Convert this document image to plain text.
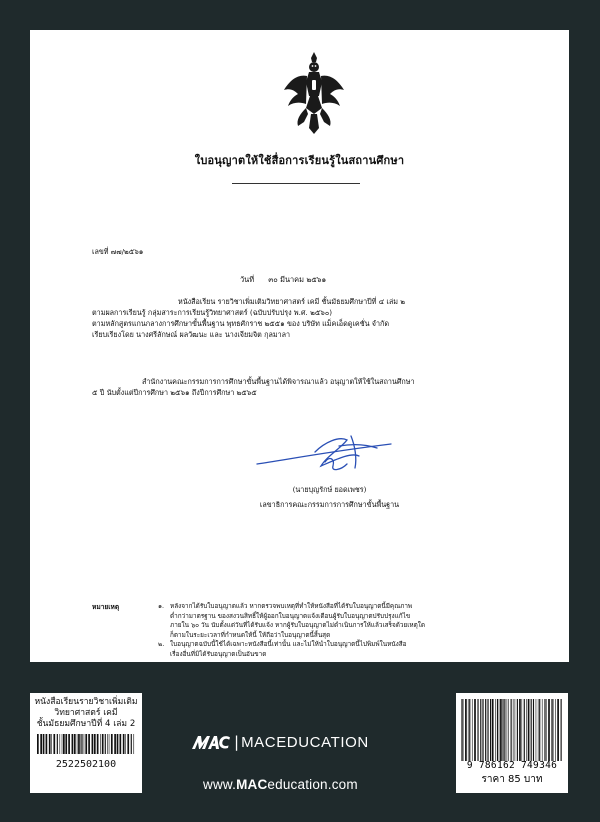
ใบอนุญาตให้ใช้สื่อการเรียนรู้ในสถานศึกษา
เลขที่ ๗๗/๒๕๖๑
วันที่ ๓๐ มีนาคม ๒๕๖๑
หนังสือเรียน รายวิชาเพิ่มเติมวิทยาศาสตร์ เคมี ชั้นมัธยมศึกษาปีที่ ๔ เล่ม ๒
ตามผลการเรียนรู้ กลุ่มสาระการเรียนรู้วิทยาศาสตร์ (ฉบับปรับปรุง พ.ศ. ๒๕๖๐)
ตามหลักสูตรแกนกลางการศึกษาขั้นพื้นฐาน พุทธศักราช ๒๕๕๑ ของ บริษัท แม็คเอ็ดดูเคชั่น จำกัด
เรียบเรียงโดย นางศรีลักษณ์ ผลวัฒนะ และ นางเจียมจิต กุลมาลา
สำนักงานคณะกรรมการการศึกษาขั้นพื้นฐานได้พิจารณาแล้ว อนุญาตให้ใช้ในสถานศึกษา
๕ ปี นับตั้งแต่ปีการศึกษา ๒๕๖๑ ถึงปีการศึกษา ๒๕๖๕
(นายบุญรักษ์ ยอดเพชร)
เลขาธิการคณะกรรมการการศึกษาขั้นพื้นฐาน
หมายเหตุ	๑. หลังจากได้รับใบอนุญาตแล้ว หากตรวจพบเหตุที่ทำให้หนังสือที่ได้รับใบอนุญาตนี้มีคุณภาพ
ต่ำกว่ามาตรฐาน ของสงวนสิทธิ์ให้ผู้ออกใบอนุญาตแจ้งเตือนผู้รับใบอนุญาตปรับปรุงแก้ไข
ภายใน ๖๐ วัน นับตั้งแต่วันที่ได้รับแจ้ง หากผู้รับใบอนุญาตไม่ดำเนินการให้แล้วเสร็จด้วยเหตุใด
ก็ตามในระยะเวลาที่กำหนดให้นี้ ให้ถือว่าใบอนุญาตนี้สิ้นสุด
๒. ใบอนุญาตฉบับนี้ใช้ได้เฉพาะหนังสือนี้เท่านั้น และไม่ให้นำใบอนุญาตนี้ไปพิมพ์ในหนังสือ
เรื่องอื่นที่มิได้รับอนุญาตเป็นอันขาด
หนังสือเรียนรายวิชาเพิ่มเติม
วิทยาศาสตร์ เคมี
ชั้นมัธยมศึกษาปีที่ 4 เล่ม 2
2522502100
MAC	| MACEDUCATION
www.MACeducation.com
9 786162 749346
ราคา 85 บาท
